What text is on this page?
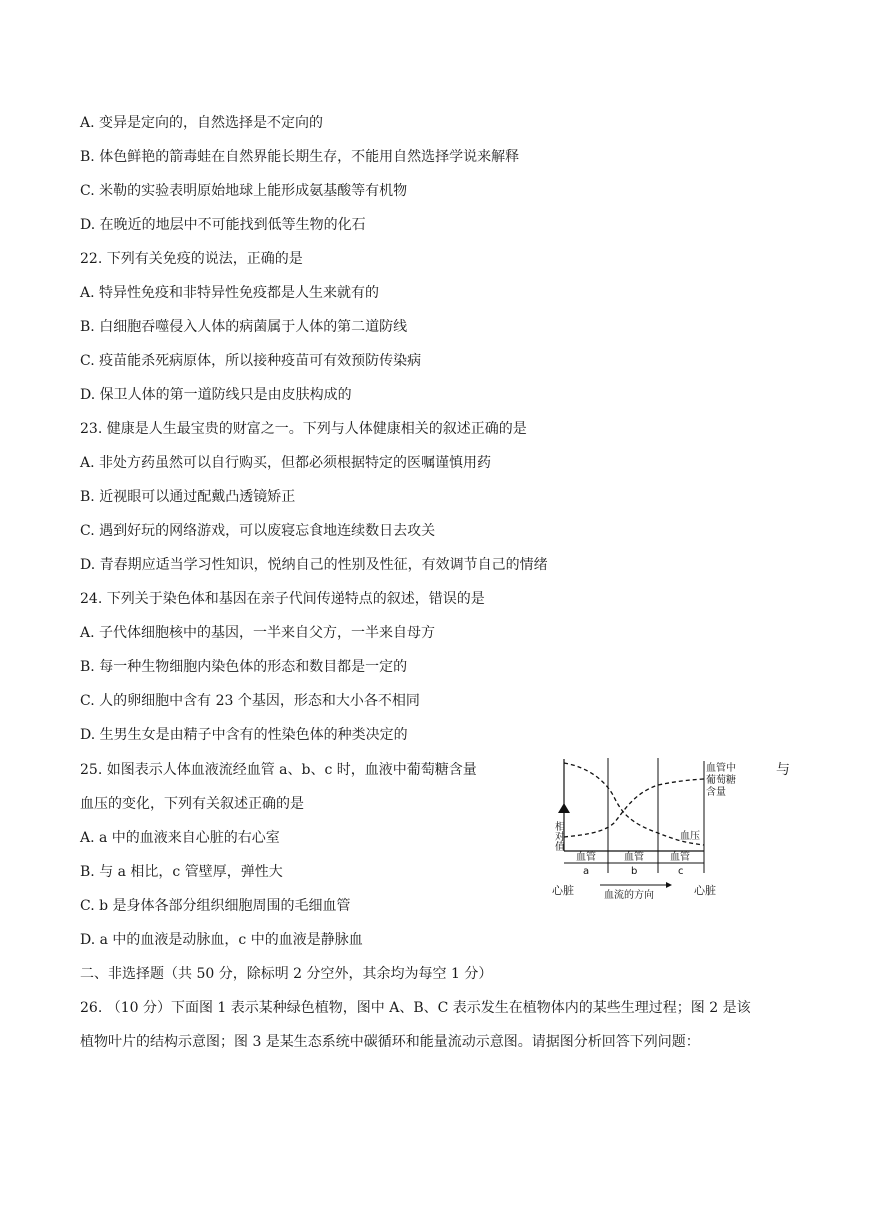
A. 变异是定向的，自然选择是不定向的
B. 体色鲜艳的箭毒蛙在自然界能长期生存，不能用自然选择学说来解释
C. 米勒的实验表明原始地球上能形成氨基酸等有机物
D. 在晚近的地层中不可能找到低等生物的化石
22. 下列有关免疫的说法，正确的是
A. 特异性免疫和非特异性免疫都是人生来就有的
B. 白细胞吞噬侵入人体的病菌属于人体的第二道防线
C. 疫苗能杀死病原体，所以接种疫苗可有效预防传染病
D. 保卫人体的第一道防线只是由皮肤构成的
23. 健康是人生最宝贵的财富之一。下列与人体健康相关的叙述正确的是
A. 非处方药虽然可以自行购买，但都必须根据特定的医嘱谨慎用药
B. 近视眼可以通过配戴凸透镜矫正
C. 遇到好玩的网络游戏，可以废寝忘食地连续数日去攻关
D. 青春期应适当学习性知识，悦纳自己的性别及性征，有效调节自己的情绪
24. 下列关于染色体和基因在亲子代间传递特点的叙述，错误的是
A. 子代体细胞核中的基因，一半来自父方，一半来自母方
B. 每一种生物细胞内染色体的形态和数目都是一定的
C. 人的卵细胞中含有 23 个基因，形态和大小各不相同
D. 生男生女是由精子中含有的性染色体的种类决定的
25. 如图表示人体血液流经血管 a、b、c 时，血液中葡萄糖含量	与
血压的变化，下列有关叙述正确的是
A. a 中的血液来自心脏的右心室
B. 与 a 相比，c 管壁厚，弹性大
C. b 是身体各部分组织细胞周围的毛细血管
D. a 中的血液是动脉血，c 中的血液是静脉血
二、非选择题（共 50 分，除标明 2 分空外，其余均为每空 1 分）
26. （10 分）下面图 1 表示某种绿色植物，图中 A、B、C 表示发生在植物体内的某些生理过程；图 2 是该
植物叶片的结构示意图；图 3 是某生态系统中碳循环和能量流动示意图。请据图分析回答下列问题：
相对值
血管中
葡萄糖
含量
血压
血管	血管	血管
a	b	c
心脏	心脏
血流的方向
